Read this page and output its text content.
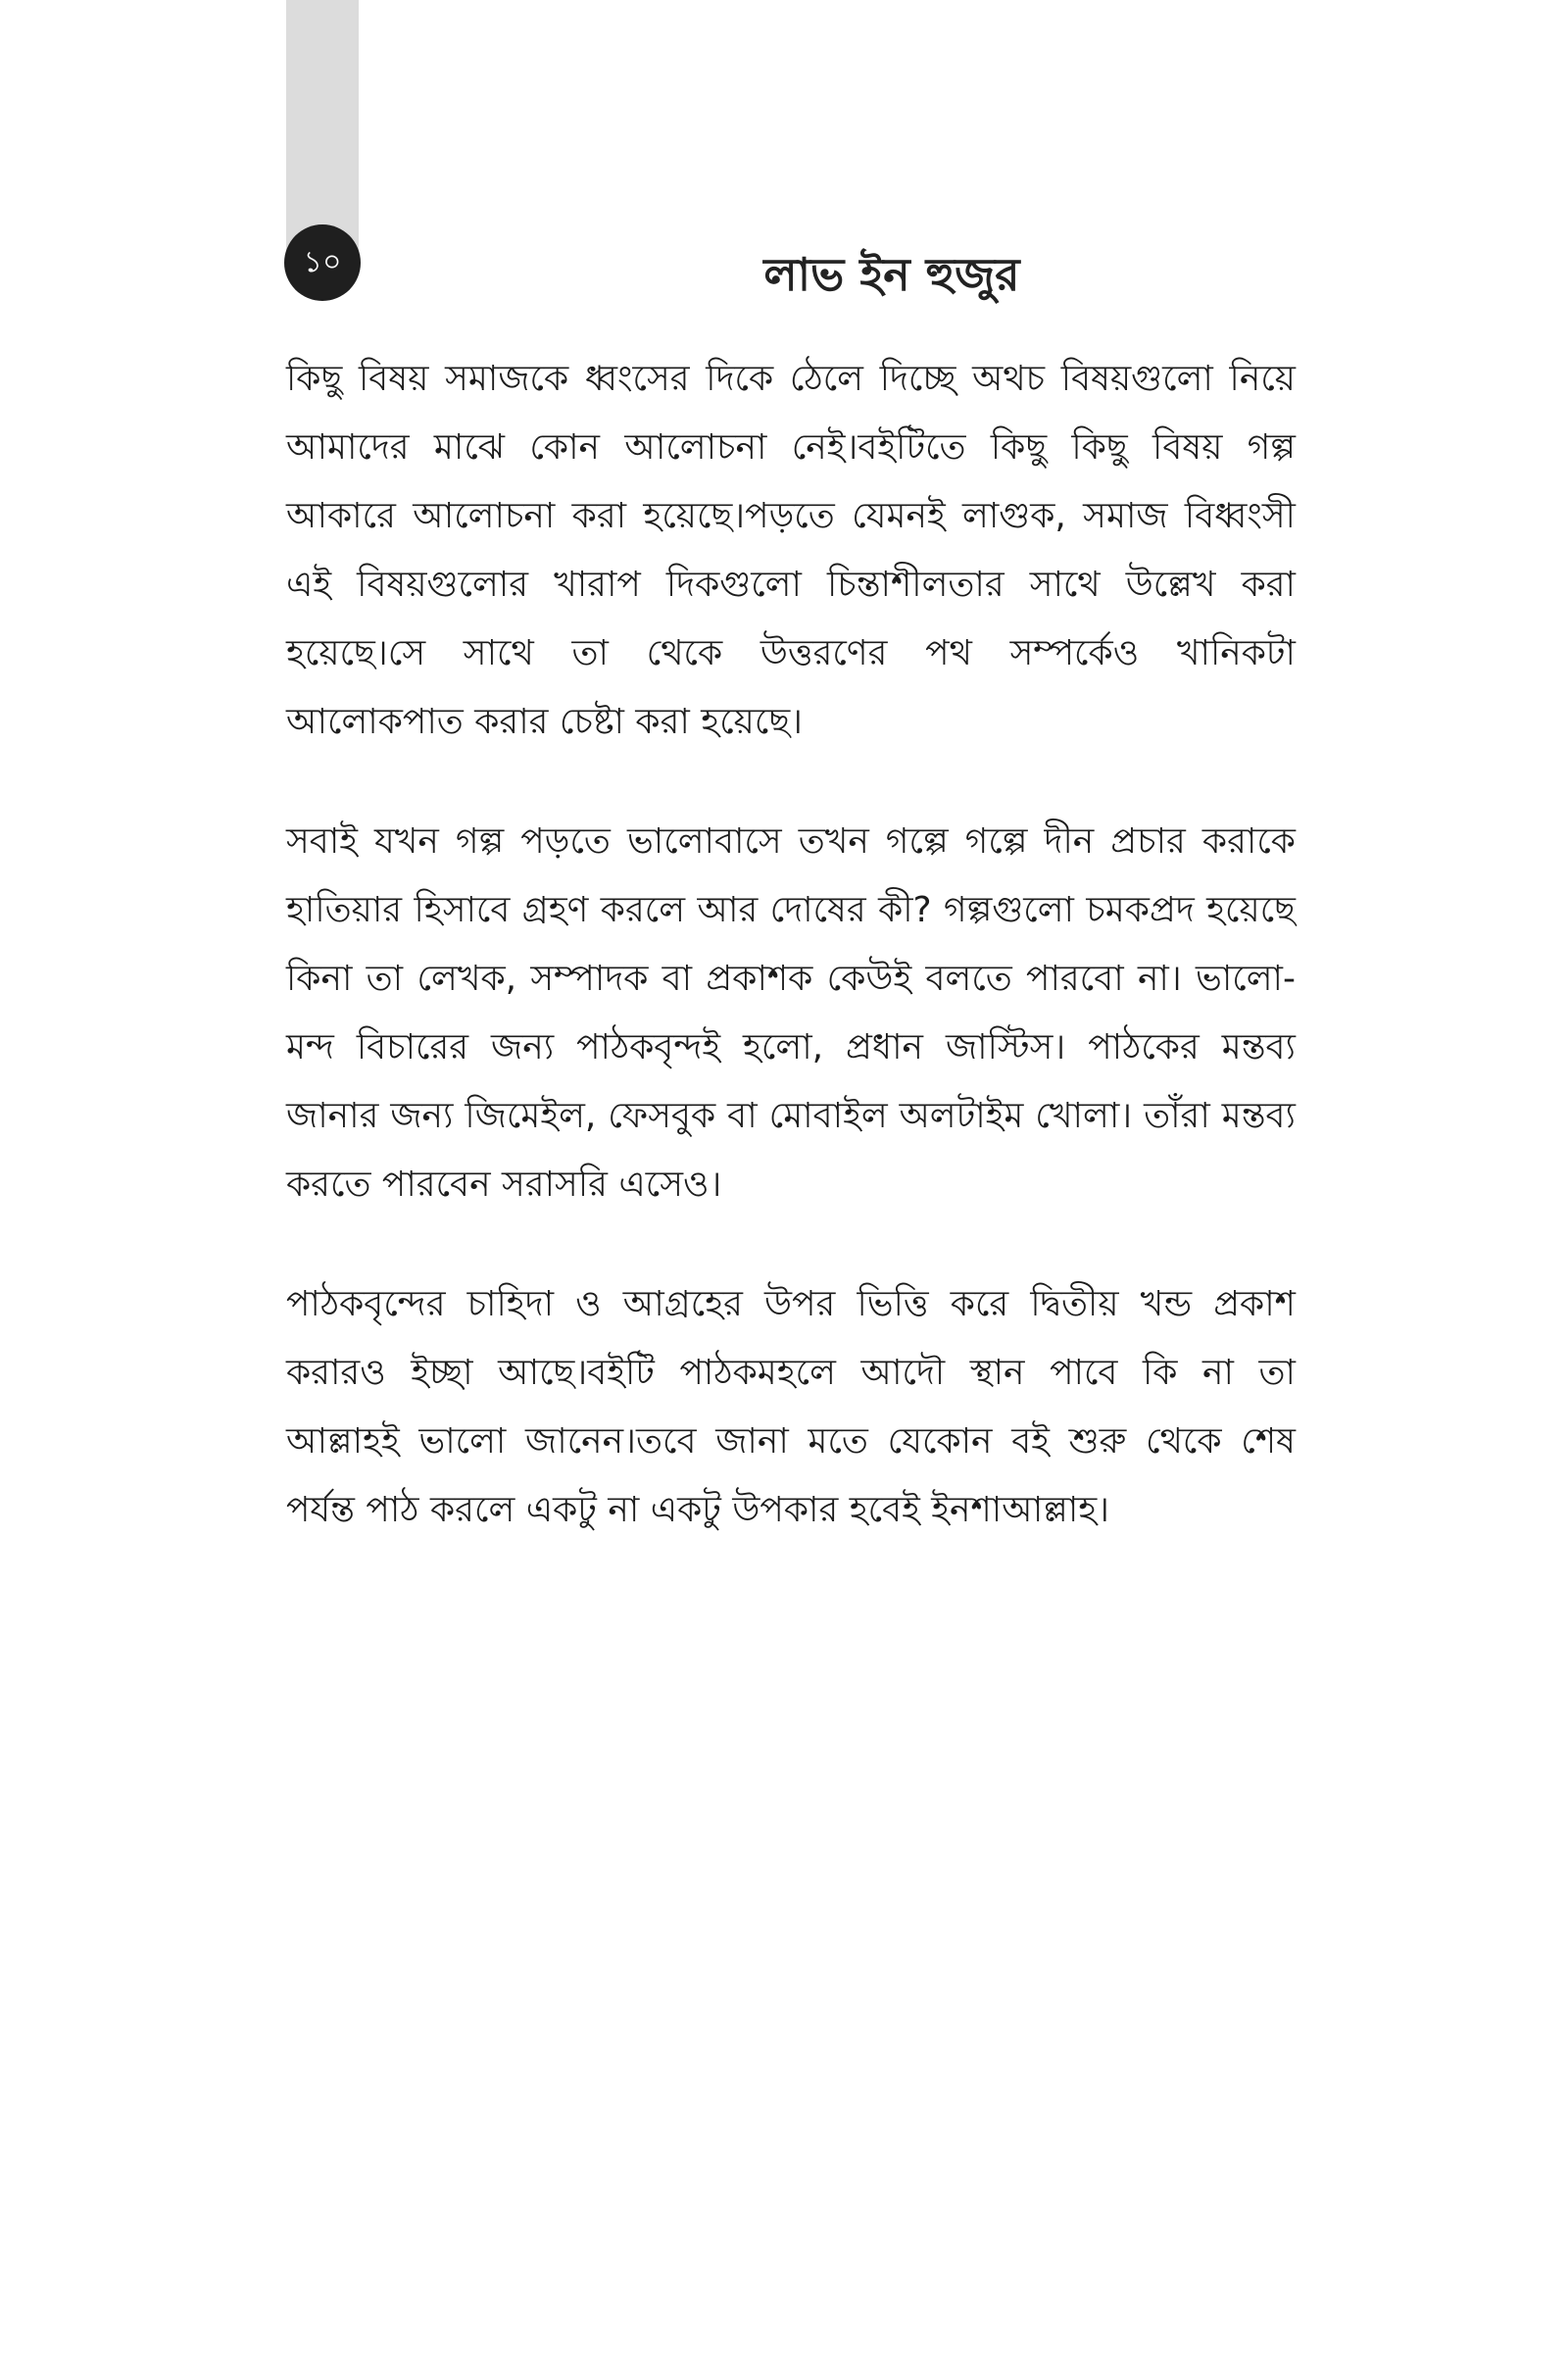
১০	লাভ ইন হুজুর

কিছু বিষয় সমাজকে ধ্বংসের দিকে ঠেলে দিচ্ছে অথচ বিষয়গুলো নিয়ে আমাদের মাঝে কোন আলোচনা নেই।বইটিতে কিছু কিছু বিষয় গল্প আকারে আলোচনা করা হয়েছে।পড়তে যেমনই লাগুক, সমাজ বিধ্বংসী এই বিষয়গুলোর খারাপ দিকগুলো চিন্তাশীলতার সাথে উল্লেখ করা হয়েছে।সে সাথে তা থেকে উত্তরণের পথ সম্পর্কেও খানিকটা আলোকপাত করার চেষ্টা করা হয়েছে।

সবাই যখন গল্প পড়তে ভালোবাসে তখন গল্পে গল্পে দীন প্রচার করাকে হাতিয়ার হিসাবে গ্রহণ করলে আর দোষের কী? গল্পগুলো চমকপ্রদ হয়েছে কিনা তা লেখক, সম্পাদক বা প্রকাশক কেউই বলতে পারবো না। ভালো-মন্দ বিচারের জন্য পাঠকবৃন্দই হলো, প্রধান জাস্টিস। পাঠকের মন্তব্য জানার জন্য জিমেইল, ফেসবুক বা মোবাইল অলটাইম খোলা। তাঁরা মন্তব্য করতে পারবেন সরাসরি এসেও।

পাঠকবৃন্দের চাহিদা ও আগ্রহের উপর ভিত্তি করে দ্বিতীয় খন্ড প্রকাশ করারও ইচ্ছা আছে।বইটি পাঠকমহলে আদৌ স্থান পাবে কি না তা আল্লাহই ভালো জানেন।তবে জানা মতে যেকোন বই শুরু থেকে শেষ পর্যন্ত পাঠ করলে একটু না একটু উপকার হবেই ইনশাআল্লাহ।
